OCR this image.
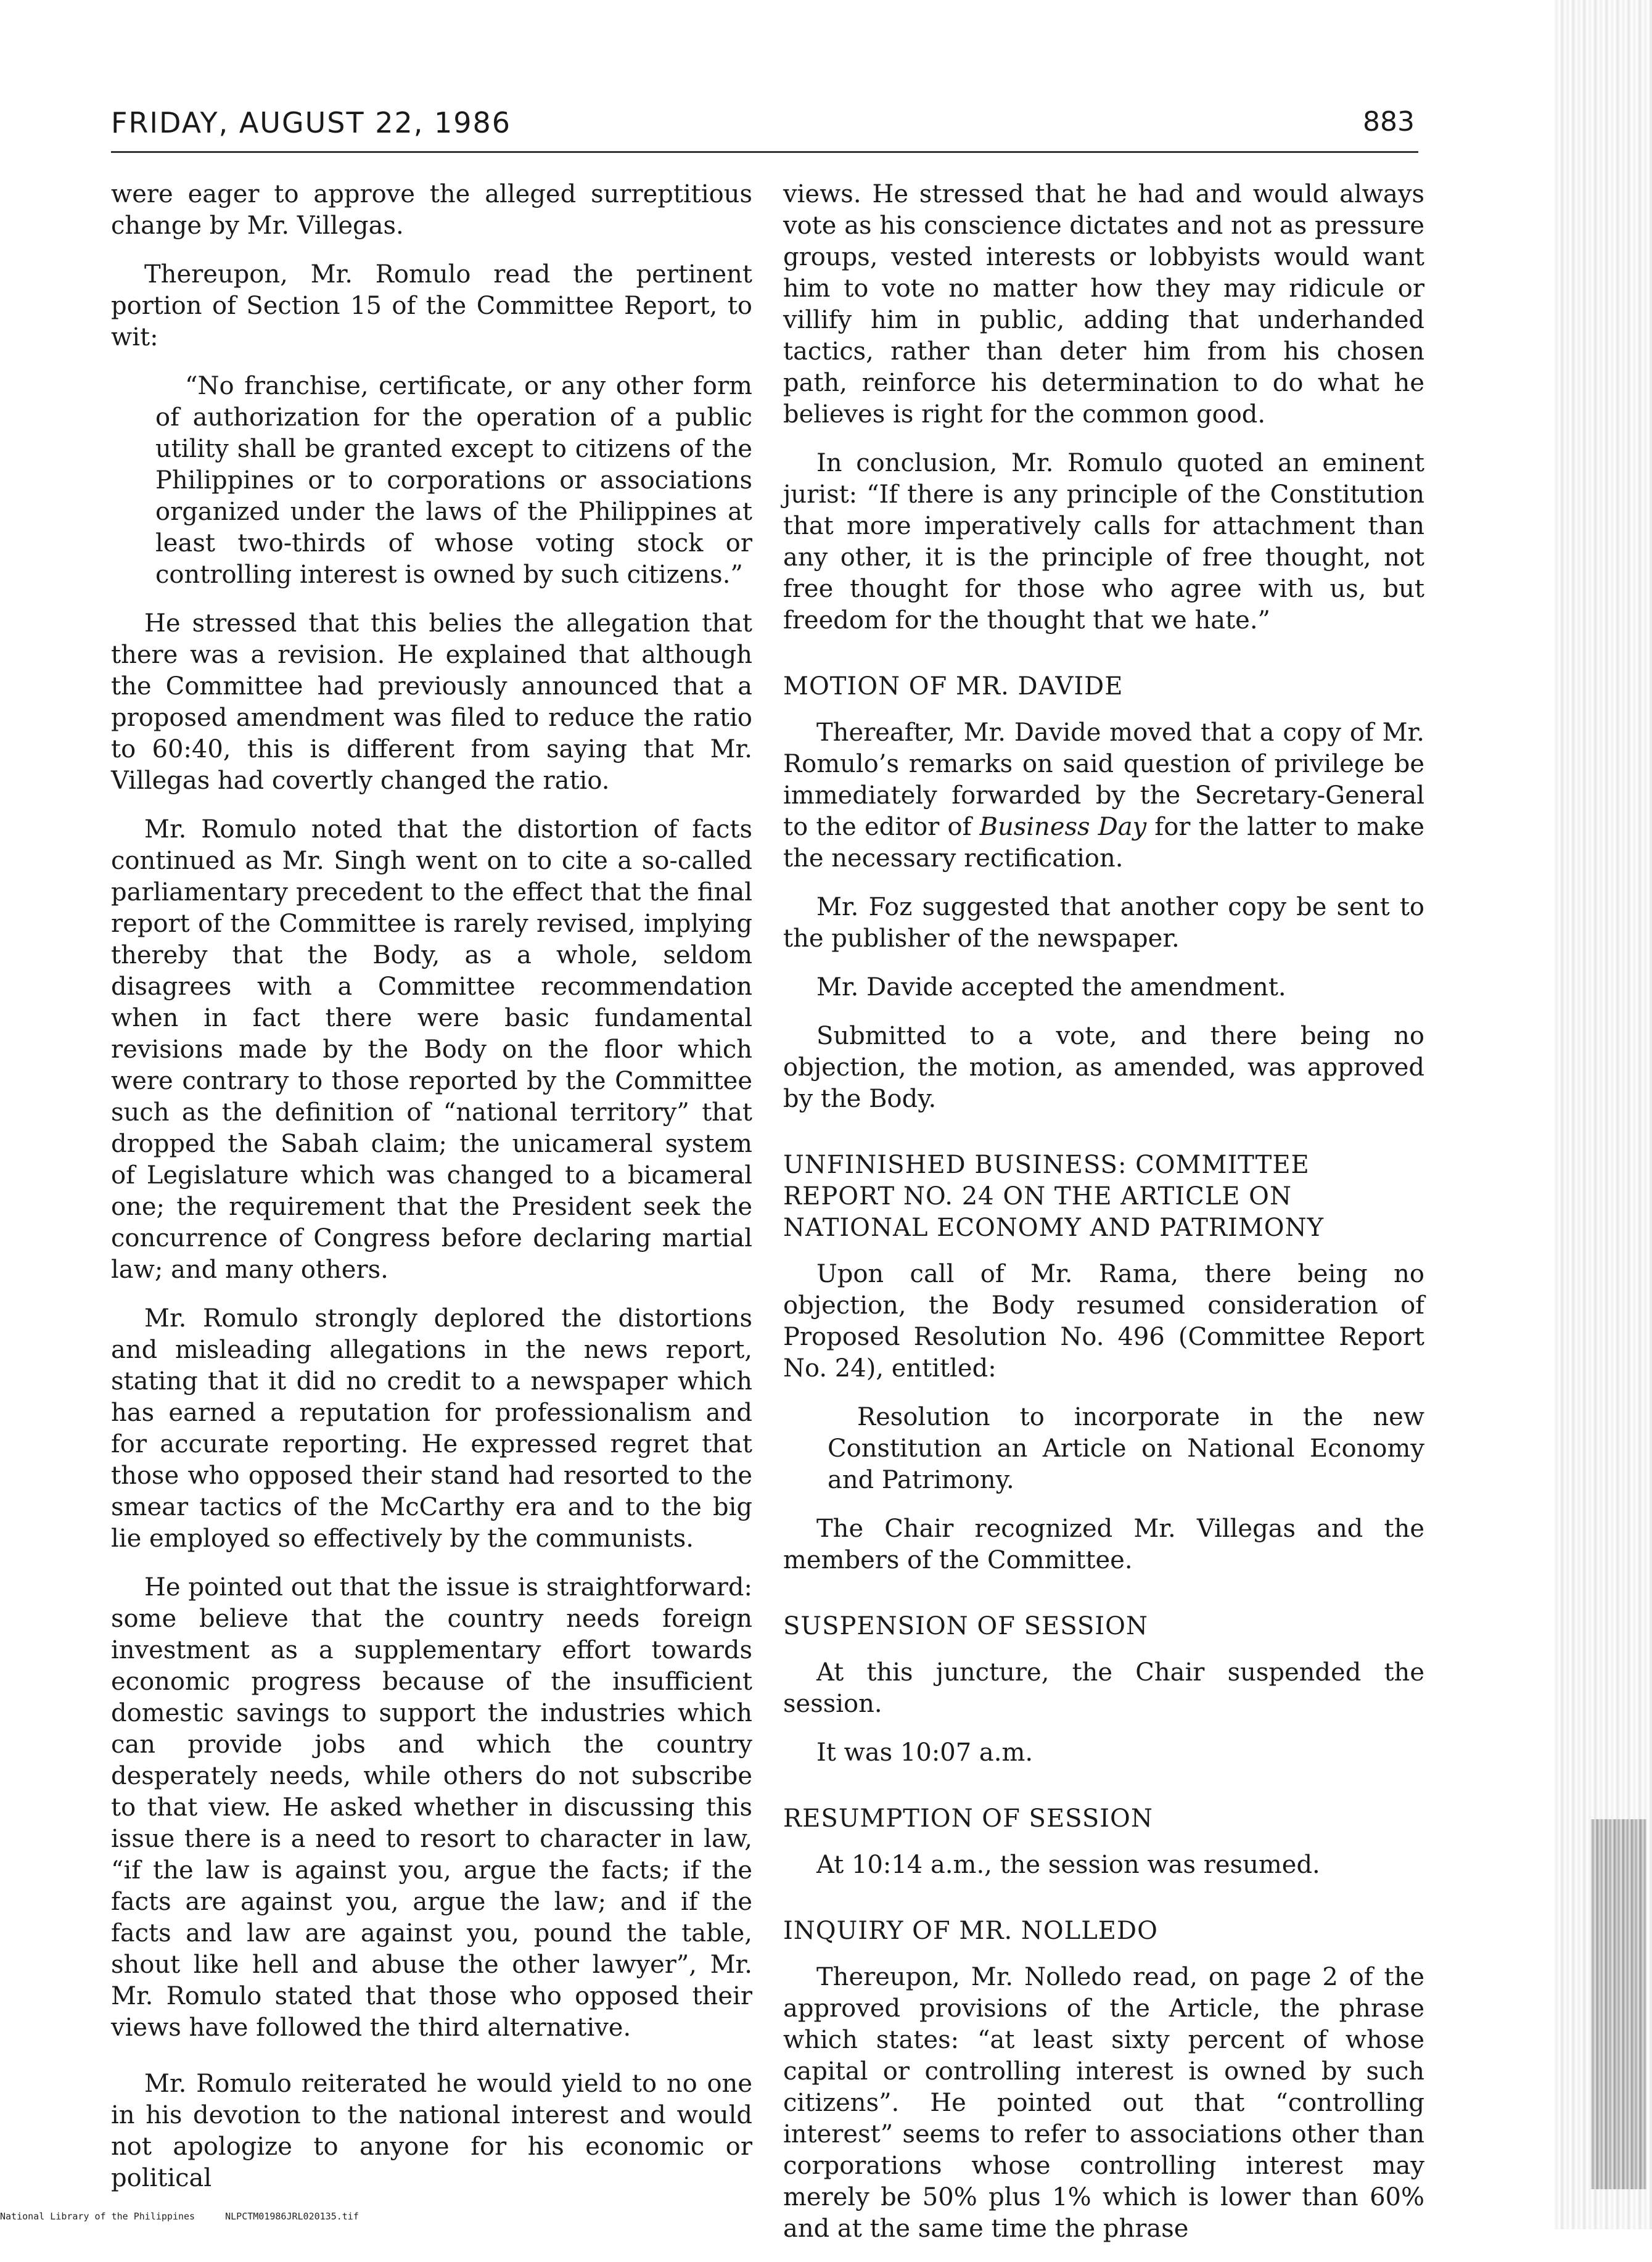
FRIDAY, AUGUST 22, 1986	883

were eager to approve the alleged surreptitious change by Mr. Villegas.

Thereupon, Mr. Romulo read the pertinent portion of Section 15 of the Committee Report, to wit:

“No franchise, certificate, or any other form of authorization for the operation of a public utility shall be granted except to citizens of the Philippines or to corporations or associations organized under the laws of the Philippines at least two-thirds of whose voting stock or controlling interest is owned by such citizens.”

He stressed that this belies the allegation that there was a revision. He explained that although the Committee had previously announced that a proposed amendment was filed to reduce the ratio to 60:40, this is different from saying that Mr. Villegas had covertly changed the ratio.

Mr. Romulo noted that the distortion of facts continued as Mr. Singh went on to cite a so-called parliamentary precedent to the effect that the final report of the Committee is rarely revised, implying thereby that the Body, as a whole, seldom disagrees with a Committee recommendation when in fact there were basic fundamental revisions made by the Body on the floor which were contrary to those reported by the Committee such as the definition of “national territory” that dropped the Sabah claim; the unicameral system of Legislature which was changed to a bicameral one; the requirement that the President seek the concurrence of Congress before declaring martial law; and many others.

Mr. Romulo strongly deplored the distortions and misleading allegations in the news report, stating that it did no credit to a newspaper which has earned a reputation for professionalism and for accurate reporting. He expressed regret that those who opposed their stand had resorted to the smear tactics of the McCarthy era and to the big lie employed so effectively by the communists.

He pointed out that the issue is straightforward: some believe that the country needs foreign investment as a supplementary effort towards economic progress because of the insufficient domestic savings to support the industries which can provide jobs and which the country desperately needs, while others do not subscribe to that view. He asked whether in discussing this issue there is a need to resort to character in law, “if the law is against you, argue the facts; if the facts are against you, argue the law; and if the facts and law are against you, pound the table, shout like hell and abuse the other lawyer”, Mr. Mr. Romulo stated that those who opposed their views have followed the third alternative.

Mr. Romulo reiterated he would yield to no one in his devotion to the national interest and would not apologize to anyone for his economic or political

views. He stressed that he had and would always vote as his conscience dictates and not as pressure groups, vested interests or lobbyists would want him to vote no matter how they may ridicule or villify him in public, adding that underhanded tactics, rather than deter him from his chosen path, reinforce his determination to do what he believes is right for the common good.

In conclusion, Mr. Romulo quoted an eminent jurist: “If there is any principle of the Constitution that more imperatively calls for attachment than any other, it is the principle of free thought, not free thought for those who agree with us, but freedom for the thought that we hate.”

MOTION OF MR. DAVIDE

Thereafter, Mr. Davide moved that a copy of Mr. Romulo’s remarks on said question of privilege be immediately forwarded by the Secretary-General to the editor of Business Day for the latter to make the necessary rectification.

Mr. Foz suggested that another copy be sent to the publisher of the newspaper.

Mr. Davide accepted the amendment.

Submitted to a vote, and there being no objection, the motion, as amended, was approved by the Body.

UNFINISHED BUSINESS: COMMITTEE REPORT NO. 24 ON THE ARTICLE ON NATIONAL ECONOMY AND PATRIMONY

Upon call of Mr. Rama, there being no objection, the Body resumed consideration of Proposed Resolution No. 496 (Committee Report No. 24), entitled:

Resolution to incorporate in the new Constitution an Article on National Economy and Patrimony.

The Chair recognized Mr. Villegas and the members of the Committee.

SUSPENSION OF SESSION

At this juncture, the Chair suspended the session.

It was 10:07 a.m.

RESUMPTION OF SESSION

At 10:14 a.m., the session was resumed.

INQUIRY OF MR. NOLLEDO

Thereupon, Mr. Nolledo read, on page 2 of the approved provisions of the Article, the phrase which states: “at least sixty percent of whose capital or controlling interest is owned by such citizens”. He pointed out that “controlling interest” seems to refer to associations other than corporations whose controlling interest may merely be 50% plus 1% which is lower than 60% and at the same time the phrase

National Library of the Philippines	NLPCTM01986JRL020135.tif
